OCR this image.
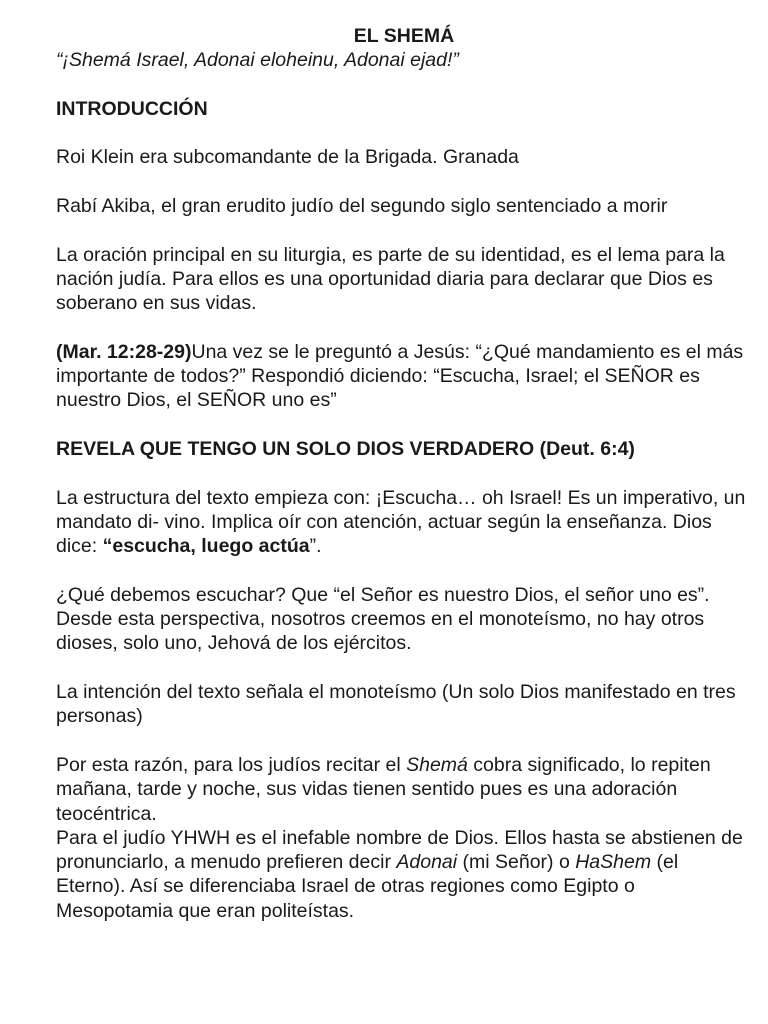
EL SHEMÁ
“¡Shemá Israel, Adonai eloheinu, Adonai ejad!”
INTRODUCCIÓN

Roi Klein era subcomandante de la Brigada. Granada

Rabí Akiba, el gran erudito judío del segundo siglo sentenciado a morir

La oración principal en su liturgia, es parte de su identidad, es el lema para la nación judía. Para ellos es una oportunidad diaria para declarar que Dios es soberano en sus vidas.

(Mar. 12:28-29)Una vez se le preguntó a Jesús: “¿Qué mandamiento es el más importante de todos?” Respondió diciendo: “Escucha, Israel; el SEÑOR es nuestro Dios, el SEÑOR uno es”

REVELA QUE TENGO UN SOLO DIOS VERDADERO (Deut. 6:4)

La estructura del texto empieza con: ¡Escucha… oh Israel! Es un imperativo, un mandato di- vino. Implica oír con atención, actuar según la enseñanza. Dios dice: “escucha, luego actúa”.

¿Qué debemos escuchar? Que “el Señor es nuestro Dios, el señor uno es”. Desde esta perspectiva, nosotros creemos en el monoteísmo, no hay otros dioses, solo uno, Jehová de los ejércitos.

La intención del texto señala el monoteísmo (Un solo Dios manifestado en tres personas)

Por esta razón, para los judíos recitar el Shemá cobra significado, lo repiten mañana, tarde y noche, sus vidas tienen sentido pues es una adoración teocéntrica.

Para el judío YHWH es el inefable nombre de Dios. Ellos hasta se abstienen de pronunciarlo, a menudo prefieren decir Adonai (mi Señor) o HaShem (el Eterno). Así se diferenciaba Israel de otras regiones como Egipto o Mesopotamia que eran politeístas.
